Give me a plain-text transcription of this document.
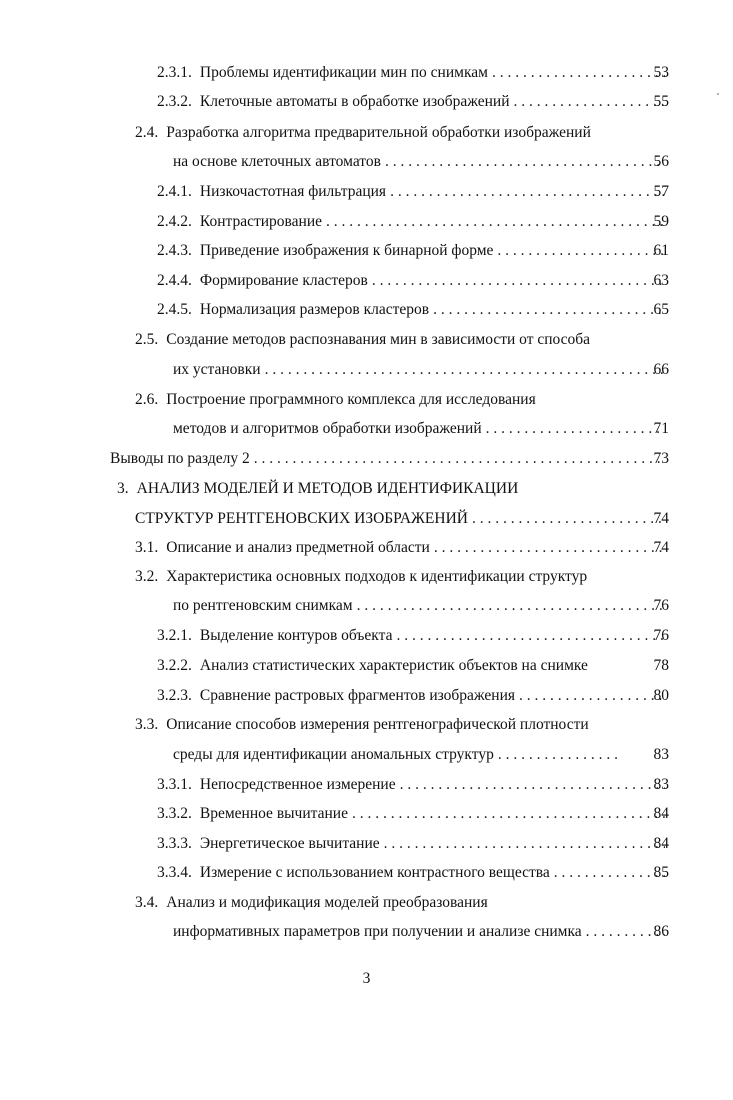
2.3.1. Проблемы идентификации мин по снимкам . . .	53
2.3.2. Клеточные автоматы в обработке изображений . . .	55
2.4. Разработка алгоритма предварительной обработки изображений
на основе клеточных автоматов . . .	56
2.4.1. Низкочастотная фильтрация . . .	57
2.4.2. Контрастирование . . .	59
2.4.3. Приведение изображения к бинарной форме . . .	61
2.4.4. Формирование кластеров . . .	63
2.4.5. Нормализация размеров кластеров . . .	65
2.5. Создание методов распознавания мин в зависимости от способа
их установки . . .	66
2.6. Построение программного комплекса для исследования
методов и алгоритмов обработки изображений . . .	71
Выводы по разделу 2 . . .	73
3. АНАЛИЗ МОДЕЛЕЙ И МЕТОДОВ ИДЕНТИФИКАЦИИ
СТРУКТУР РЕНТГЕНОВСКИХ ИЗОБРАЖЕНИЙ . . .	74
3.1. Описание и анализ предметной области . . .	74
3.2. Характеристика основных подходов к идентификации структур
по рентгеновским снимкам . . .	76
3.2.1. Выделение контуров объекта . . .	76
3.2.2. Анализ статистических характеристик объектов на снимке	78
3.2.3. Сравнение растровых фрагментов изображения . . .	80
3.3. Описание способов измерения рентгенографической плотности
среды для идентификации аномальных структур . . .	83
3.3.1. Непосредственное измерение . . .	83
3.3.2. Временное вычитание . . .	84
3.3.3. Энергетическое вычитание . . .	84
3.3.4. Измерение с использованием контрастного вещества . . .	85
3.4. Анализ и модификация моделей преобразования
информативных параметров при получении и анализе снимка . . .	86
3
